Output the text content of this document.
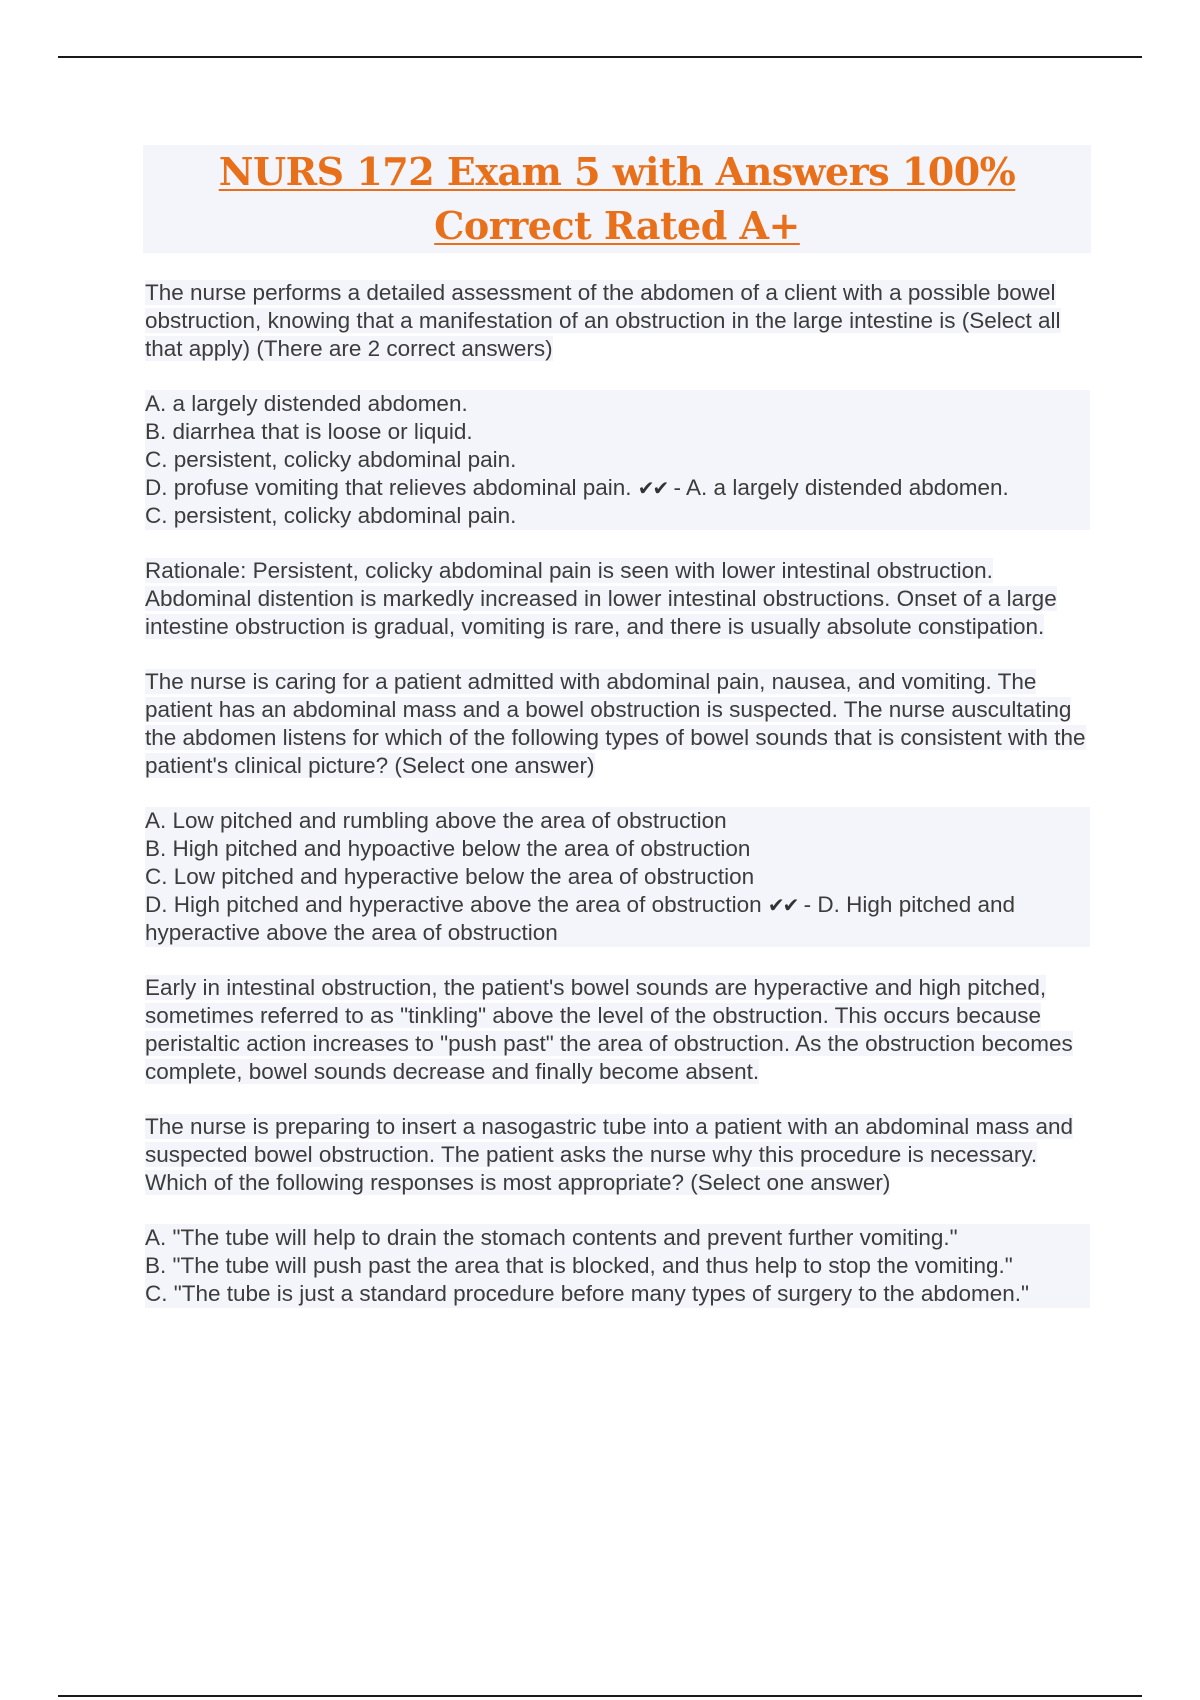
NURS 172 Exam 5 with Answers 100%
Correct Rated A+

The nurse performs a detailed assessment of the abdomen of a client with a possible bowel obstruction, knowing that a manifestation of an obstruction in the large intestine is (Select all that apply) (There are 2 correct answers)

A. a largely distended abdomen.
B. diarrhea that is loose or liquid.
C. persistent, colicky abdominal pain.
D. profuse vomiting that relieves abdominal pain. ✔✔ - A. a largely distended abdomen.
C. persistent, colicky abdominal pain.

Rationale: Persistent, colicky abdominal pain is seen with lower intestinal obstruction. Abdominal distention is markedly increased in lower intestinal obstructions. Onset of a large intestine obstruction is gradual, vomiting is rare, and there is usually absolute constipation.

The nurse is caring for a patient admitted with abdominal pain, nausea, and vomiting. The patient has an abdominal mass and a bowel obstruction is suspected. The nurse auscultating the abdomen listens for which of the following types of bowel sounds that is consistent with the patient's clinical picture? (Select one answer)

A. Low pitched and rumbling above the area of obstruction
B. High pitched and hypoactive below the area of obstruction
C. Low pitched and hyperactive below the area of obstruction
D. High pitched and hyperactive above the area of obstruction ✔✔ - D. High pitched and hyperactive above the area of obstruction

Early in intestinal obstruction, the patient's bowel sounds are hyperactive and high pitched, sometimes referred to as "tinkling" above the level of the obstruction. This occurs because peristaltic action increases to "push past" the area of obstruction. As the obstruction becomes complete, bowel sounds decrease and finally become absent.

The nurse is preparing to insert a nasogastric tube into a patient with an abdominal mass and suspected bowel obstruction. The patient asks the nurse why this procedure is necessary. Which of the following responses is most appropriate? (Select one answer)

A. "The tube will help to drain the stomach contents and prevent further vomiting."
B. "The tube will push past the area that is blocked, and thus help to stop the vomiting."
C. "The tube is just a standard procedure before many types of surgery to the abdomen."
